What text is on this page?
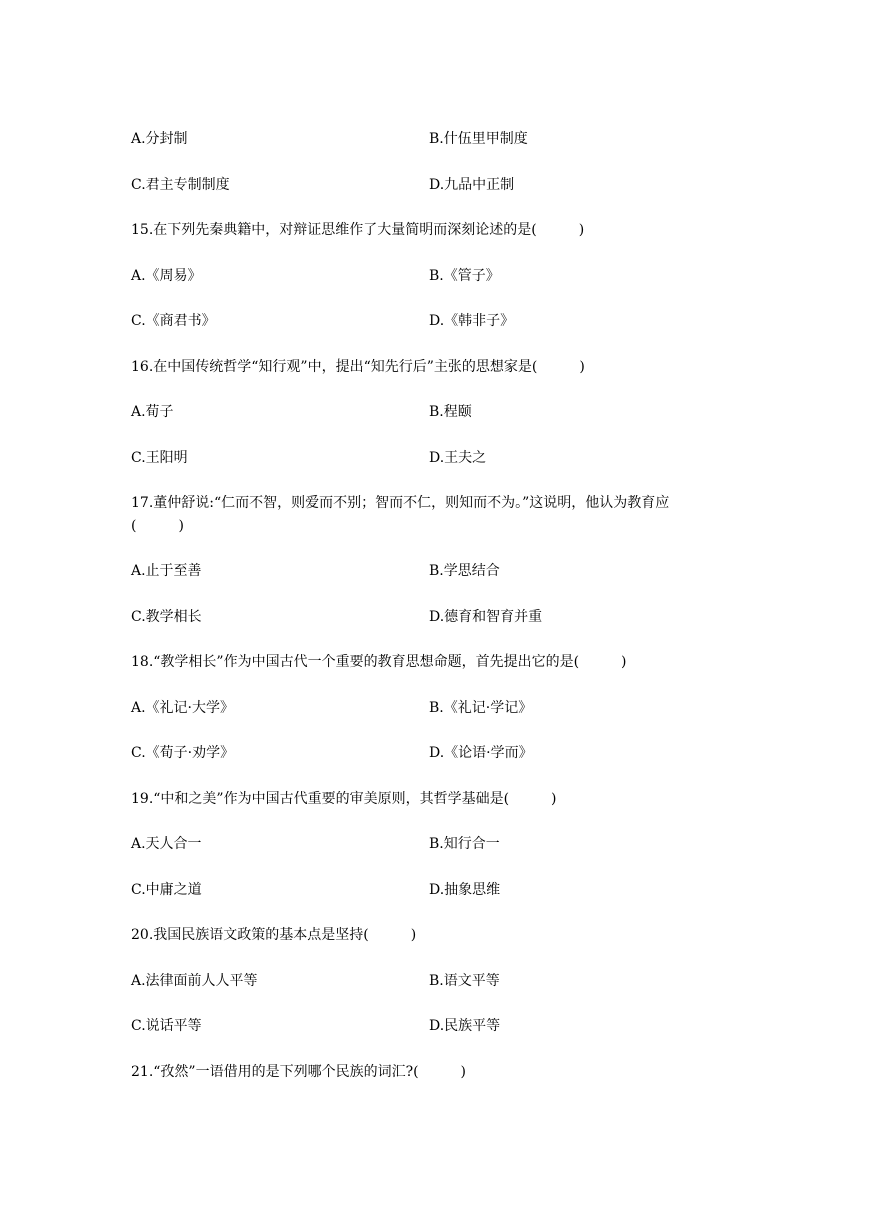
A.分封制	B.什伍里甲制度
C.君主专制制度	D.九品中正制
15.在下列先秦典籍中，对辩证思维作了大量简明而深刻论述的是(　　　)
A.《周易》	B.《管子》
C.《商君书》	D.《韩非子》
16.在中国传统哲学“知行观”中，提出“知先行后”主张的思想家是(　　　)
A.荀子	B.程颐
C.王阳明	D.王夫之
17.董仲舒说:“仁而不智，则爱而不别；智而不仁，则知而不为。”这说明，他认为教育应
(　　　)
A.止于至善	B.学思结合
C.教学相长	D.德育和智育并重
18.“教学相长”作为中国古代一个重要的教育思想命题，首先提出它的是(　　　)
A.《礼记·大学》	B.《礼记·学记》
C.《荀子·劝学》	D.《论语·学而》
19.“中和之美”作为中国古代重要的审美原则，其哲学基础是(　　　)
A.天人合一	B.知行合一
C.中庸之道	D.抽象思维
20.我国民族语文政策的基本点是坚持(　　　)
A.法律面前人人平等	B.语文平等
C.说话平等	D.民族平等
21.“孜然”一语借用的是下列哪个民族的词汇?(　　　)
